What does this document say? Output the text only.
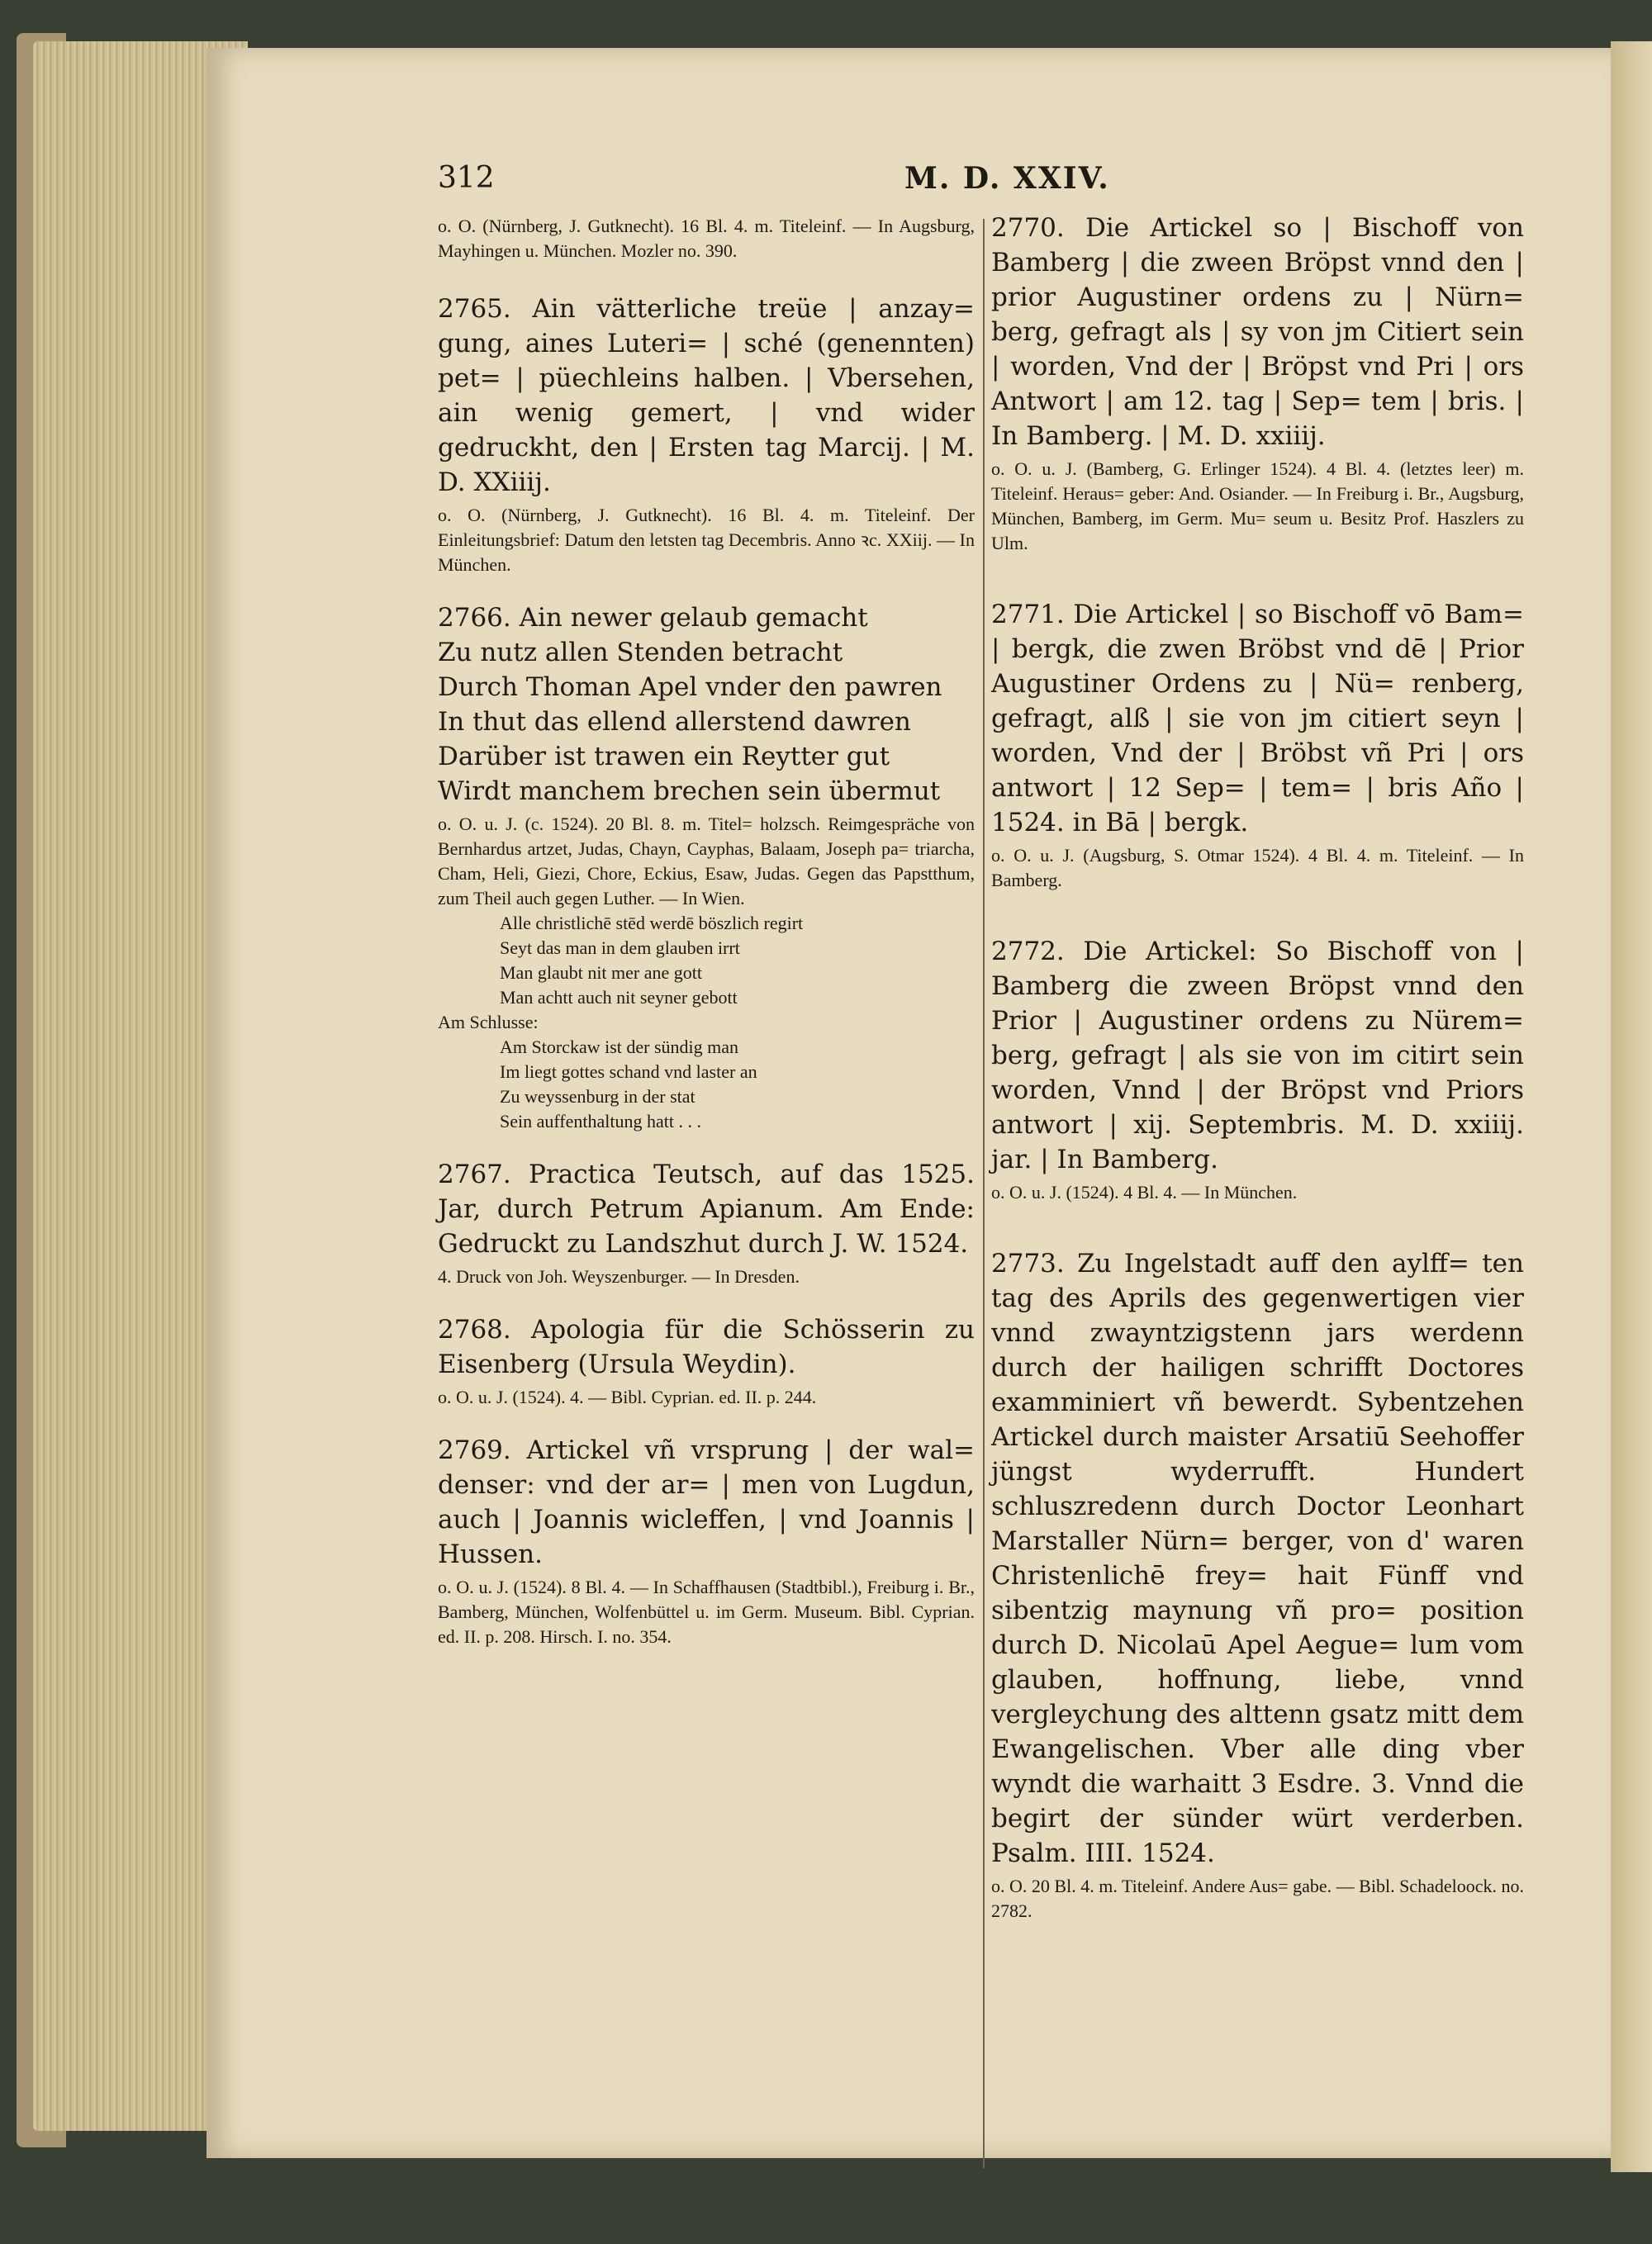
312	M. D. XXIV.

o. O. (Nürnberg, J. Gutknecht). 16 Bl. 4. m. Titeleinf. — In Augsburg, Mayhingen u. München. Mozler no. 390.

2765. Ain vätterliche treüe | anzay= gung, aines Luteri= | sché (genennten) pet= | püechleins halben. | Vbersehen, ain wenig gemert, | vnd wider gedruckht, den | Ersten tag Marcij. | M. D. XXiiij.

o. O. (Nürnberg, J. Gutknecht). 16 Bl. 4. m. Titeleinf. Der Einleitungsbrief: Datum den letsten tag Decembris. Anno ꝛc. XXiij. — In München.

2766. Ain newer gelaub gemacht
Zu nutz allen Stenden betracht
Durch Thoman Apel vnder den pawren
In thut das ellend allerstend dawren
Darüber ist trawen ein Reytter gut
Wirdt manchem brechen sein übermut

o. O. u. J. (c. 1524). 20 Bl. 8. m. Titel= holzsch. Reimgespräche von Bernhardus artzet, Judas, Chayn, Cayphas, Balaam, Joseph pa= triarcha, Cham, Heli, Giezi, Chore, Eckius, Esaw, Judas. Gegen das Papstthum, zum Theil auch gegen Luther. — In Wien.

Alle christlichē stēd werdē böszlich regirt
Seyt das man in dem glauben irrt
Man glaubt nit mer ane gott
Man achtt auch nit seyner gebott
Am Schlusse:
Am Storckaw ist der sündig man
Im liegt gottes schand vnd laster an
Zu weyssenburg in der stat
Sein auffenthaltung hatt . . .

2767. Practica Teutsch, auf das 1525. Jar, durch Petrum Apianum. Am Ende: Gedruckt zu Landszhut durch J. W. 1524.

4. Druck von Joh. Weyszenburger. — In Dresden.

2768. Apologia für die Schösserin zu Eisenberg (Ursula Weydin).

o. O. u. J. (1524). 4. — Bibl. Cyprian. ed. II. p. 244.

2769. Artickel vñ vrsprung | der wal= denser: vnd der ar= | men von Lugdun, auch | Joannis wicleffen, | vnd Joannis | Hussen.

o. O. u. J. (1524). 8 Bl. 4. — In Schaffhausen (Stadtbibl.), Freiburg i. Br., Bamberg, München, Wolfenbüttel u. im Germ. Museum. Bibl. Cyprian. ed. II. p. 208. Hirsch. I. no. 354.

2770. Die Artickel so | Bischoff von Bamberg | die zween Bröpst vnnd den | prior Augustiner ordens zu | Nürn= berg, gefragt als | sy von jm Citiert sein | worden, Vnd der | Bröpst vnd Pri | ors Antwort | am 12. tag | Sep= tem | bris. | In Bamberg. | M. D. xxiiij.

o. O. u. J. (Bamberg, G. Erlinger 1524). 4 Bl. 4. (letztes leer) m. Titeleinf. Heraus= geber: And. Osiander. — In Freiburg i. Br., Augsburg, München, Bamberg, im Germ. Mu= seum u. Besitz Prof. Haszlers zu Ulm.

2771. Die Artickel | so Bischoff vō Bam= | bergk, die zwen Bröbst vnd dē | Prior Augustiner Ordens zu | Nü= renberg, gefragt, alß | sie von jm citiert seyn | worden, Vnd der | Bröbst vñ Pri | ors antwort | 12 Sep= | tem= | bris Año | 1524. in Bā | bergk.

o. O. u. J. (Augsburg, S. Otmar 1524). 4 Bl. 4. m. Titeleinf. — In Bamberg.

2772. Die Artickel: So Bischoff von | Bamberg die zween Bröpst vnnd den Prior | Augustiner ordens zu Nürem= berg, gefragt | als sie von im citirt sein worden, Vnnd | der Bröpst vnd Priors antwort | xij. Septembris. M. D. xxiiij. jar. | In Bamberg.

o. O. u. J. (1524). 4 Bl. 4. — In München.

2773. Zu Ingelstadt auff den aylff= ten tag des Aprils des gegenwertigen vier vnnd zwayntzigstenn jars werdenn durch der hailigen schrifft Doctores examminiert vñ bewerdt. Sybentzehen Artickel durch maister Arsatiū Seehoffer jüngst wyderrufft. Hundert schluszredenn durch Doctor Leonhart Marstaller Nürn= berger, von d' waren Christenlichē frey= hait Fünff vnd sibentzig maynung vñ pro= position durch D. Nicolaū Apel Aegue= lum vom glauben, hoffnung, liebe, vnnd vergleychung des alttenn gsatz mitt dem Ewangelischen. Vber alle ding vber wyndt die warhaitt 3 Esdre. 3. Vnnd die begirt der sünder würt verderben. Psalm. IIII. 1524.

o. O. 20 Bl. 4. m. Titeleinf. Andere Aus= gabe. — Bibl. Schadeloock. no. 2782.
